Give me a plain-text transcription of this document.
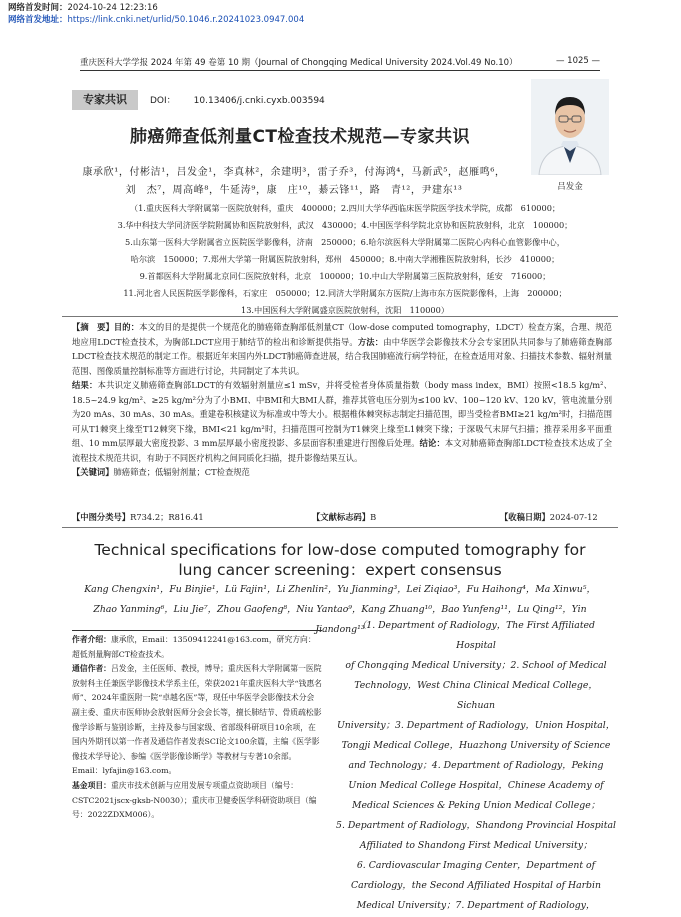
网络首发时间：2024-10-24 12:23:16
网络首发地址：https://link.cnki.net/urlid/50.1046.r.20241023.0947.004
重庆医科大学学报 2024 年第 49 卷第 10 期（Journal of Chongqing Medical University 2024.Vol.49 No.10）	— 1025 —
专家共识	DOI： 10.13406/j.cnki.cyxb.003594
肺癌筛查低剂量CT检查技术规范—专家共识
吕发金
康承欣¹，付彬洁¹，吕发金¹，李真林²，余建明³，雷子乔³，付海鸿⁴，马新武⁵，赵雁鸣⁶，
刘　杰⁷，周高峰⁸，牛延涛⁹，康　庄¹⁰，綦云锋¹¹，路　青¹²，尹建东¹³
（1.重庆医科大学附属第一医院放射科，重庆　400000；2.四川大学华西临床医学院医学技术学院，成都　610000；
3.华中科技大学同济医学院附属协和医院放射科，武汉　430000；4.中国医学科学院北京协和医院放射科，北京　100000；
5.山东第一医科大学附属省立医院医学影像科，济南　250000；6.哈尔滨医科大学附属第二医院心内科心血管影像中心，
哈尔滨　150000；7.郑州大学第一附属医院放射科，郑州　450000；8.中南大学湘雅医院放射科，长沙　410000；
9.首都医科大学附属北京同仁医院放射科，北京　100000；10.中山大学附属第三医院放射科，延安　716000；
11.河北省人民医院医学影像科，石家庄　050000；12.同济大学附属东方医院/上海市东方医院影像科，上海　200000；
13.中国医科大学附属盛京医院放射科，沈阳　110000）
【摘　要】目的：本文的目的是提供一个规范化的肺癌筛查胸部低剂量CT（low-dose computed tomography，LDCT）检查方案，合理、规范地应用LDCT检查技术，为胸部LDCT应用于肺结节的检出和诊断提供指导。方法：由中华医学会影像技术分会专家团队共同参与了肺癌筛查胸部LDCT检查技术规范的制定工作。根据近年来国内外LDCT肺癌筛查进展，结合我国肺癌流行病学特征，在检查适用对象、扫描技术参数、辐射剂量范围、图像质量控制标准等方面进行讨论，共同制定了本共识。
结果：本共识定义肺癌筛查胸部LDCT的有效辐射剂量应≤1 mSv，并将受检者身体质量指数（body mass index，BMI）按照<18.5 kg/m²、18.5~24.9 kg/m²、≥25 kg/m²分为了小BMI、中BMI和大BMI人群，推荐其管电压分别为≤100 kV、100~120 kV、120 kV，管电流量分别为20 mAs、30 mAs、30 mAs。重建卷积核建议为标准或中等大小。根据椎体棘突标志制定扫描范围，即当受检者BMI≥21 kg/m²时，扫描范围可从T1棘突上缘至T12棘突下缘，BMI<21 kg/m²时，扫描范围可控制为T1棘突上缘至L1棘突下缘；于深吸气末屏气扫描；推荐采用多平面重组、10 mm层厚最大密度投影、3 mm层厚最小密度投影、多层面容积重建进行图像后处理。结论：本文对肺癌筛查胸部LDCT检查技术达成了全流程技术规范共识，有助于不同医疗机构之间同质化扫描，提升影像结果互认。
【关键词】肺癌筛查；低辐射剂量；CT检查规范
【中图分类号】R734.2；R816.41	【文献标志码】B	【收稿日期】2024-07-12
Technical specifications for low-dose computed tomography for
lung cancer screening：expert consensus
Kang Chengxin¹，Fu Binjie¹，Lü Fajin¹，Li Zhenlin²，Yu Jianming³，Lei Ziqiao³，Fu Haihong⁴，Ma Xinwu⁵，
Zhao Yanming⁶，Liu Jie⁷，Zhou Gaofeng⁸，Niu Yantao⁹，Kang Zhuang¹⁰，Bao Yunfeng¹¹，Lu Qing¹²，Yin Jiandong¹³
作者介绍：康承欣，Email：13509412241@163.com，研究方向：超低剂量胸部CT检查技术。
通信作者：吕发金，主任医师、教授，博导；重庆医科大学附属第一医院放射科主任兼医学影像技术学系主任，荣获2021年重庆医科大学“钱惠名师”、2024年重医附一院“卓越名医”等，现任中华医学会影像技术分会副主委、重庆市医师协会放射医师分会会长等，擅长肺结节、骨质疏松影像学诊断与鉴别诊断，主持及参与国家级、省部级科研项目10余项，在国内外期刊以第一作者及通信作者发表SCI论文100余篇，主编《医学影像技术学导论》、参编《医学影像诊断学》等教材与专著10余部。Email：lyfajin@163.com。
基金项目：重庆市技术创新与应用发展专项重点资助项目（编号：CSTC2021jscx-gksb-N0030）；重庆市卫健委医学科研资助项目（编号：2022ZDXM006）。
（1. Department of Radiology，The First Affiliated Hospital
of Chongqing Medical University；2. School of Medical
Technology，West China Clinical Medical College，Sichuan
University；3. Department of Radiology，Union Hospital，
Tongji Medical College，Huazhong University of Science
and Technology；4. Department of Radiology，Peking
Union Medical College Hospital，Chinese Academy of
Medical Sciences & Peking Union Medical College；
5. Department of Radiology，Shandong Provincial Hospital
Affiliated to Shandong First Medical University；
6. Cardiovascular Imaging Center，Department of
Cardiology，the Second Affiliated Hospital of Harbin
Medical University；7. Department of Radiology，
